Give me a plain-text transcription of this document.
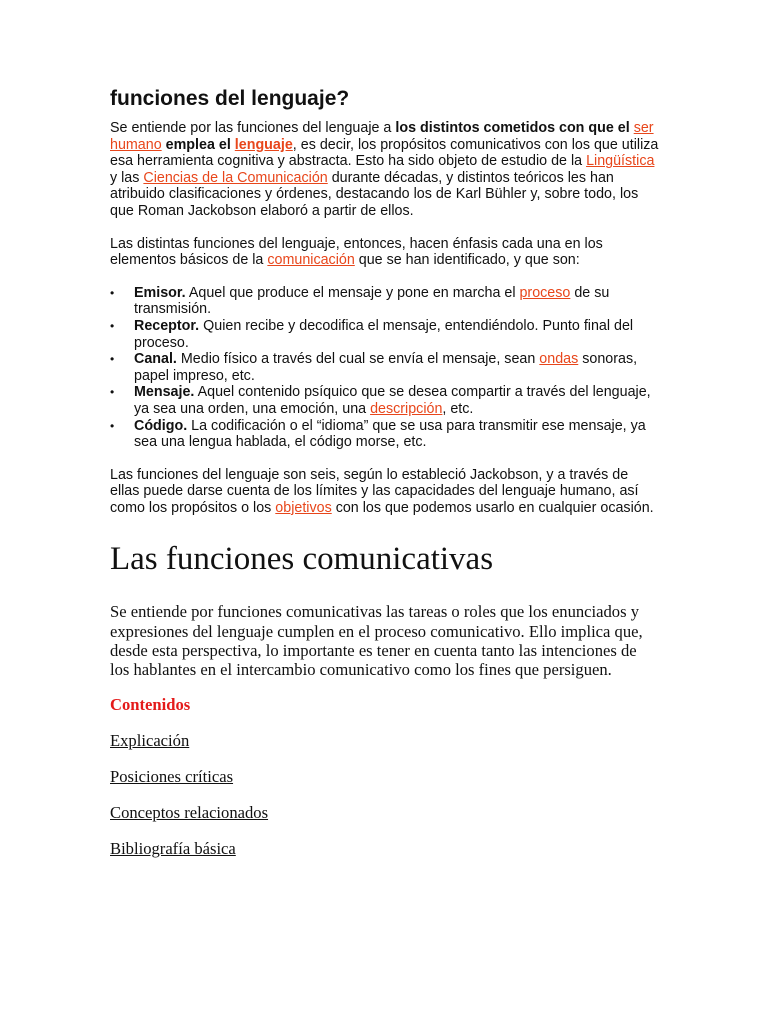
funciones del lenguaje?

Se entiende por las funciones del lenguaje a los distintos cometidos con que el ser humano emplea el lenguaje, es decir, los propósitos comunicativos con los que utiliza esa herramienta cognitiva y abstracta. Esto ha sido objeto de estudio de la Lingüística y las Ciencias de la Comunicación durante décadas, y distintos teóricos les han atribuido clasificaciones y órdenes, destacando los de Karl Bühler y, sobre todo, los que Roman Jackobson elaboró a partir de ellos.

Las distintas funciones del lenguaje, entonces, hacen énfasis cada una en los elementos básicos de la comunicación que se han identificado, y que son:

• Emisor. Aquel que produce el mensaje y pone en marcha el proceso de su transmisión.
• Receptor. Quien recibe y decodifica el mensaje, entendiéndolo. Punto final del proceso.
• Canal. Medio físico a través del cual se envía el mensaje, sean ondas sonoras, papel impreso, etc.
• Mensaje. Aquel contenido psíquico que se desea compartir a través del lenguaje, ya sea una orden, una emoción, una descripción, etc.
• Código. La codificación o el “idioma” que se usa para transmitir ese mensaje, ya sea una lengua hablada, el código morse, etc.

Las funciones del lenguaje son seis, según lo estableció Jackobson, y a través de ellas puede darse cuenta de los límites y las capacidades del lenguaje humano, así como los propósitos o los objetivos con los que podemos usarlo en cualquier ocasión.

Las funciones comunicativas

Se entiende por funciones comunicativas las tareas o roles que los enunciados y expresiones del lenguaje cumplen en el proceso comunicativo. Ello implica que, desde esta perspectiva, lo importante es tener en cuenta tanto las intenciones de los hablantes en el intercambio comunicativo como los fines que persiguen.

Contenidos
Explicación
Posiciones críticas
Conceptos relacionados
Bibliografía básica
